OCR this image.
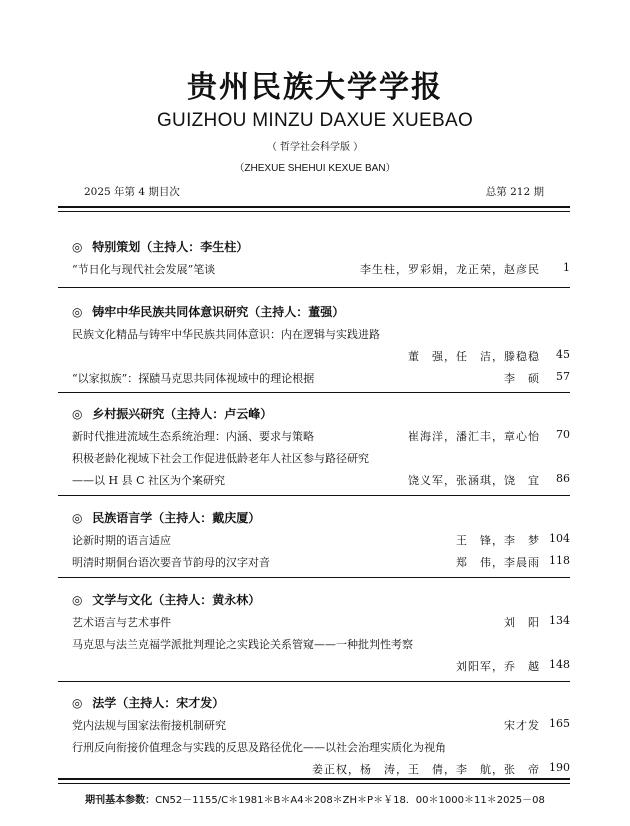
贵州民族大学学报
GUIZHOU MINZU DAXUE XUEBAO
（ 哲学社会科学版 ）
（ZHEXUE SHEHUI KEXUE BAN）
2025 年第 4 期目次	总第 212 期
◎ 特别策划（主持人：李生柱）
“节日化与现代社会发展”笔谈	李生柱，罗彩娟，龙正荣，赵彦民	1
◎ 铸牢中华民族共同体意识研究（主持人：董强）
民族文化精品与铸牢中华民族共同体意识：内在逻辑与实践进路
董　强，任　洁，滕稳稳	45
“以家拟族”：探赜马克思共同体视域中的理论根据	李　硕	57
◎ 乡村振兴研究（主持人：卢云峰）
新时代推进流域生态系统治理：内涵、要求与策略	崔海洋，潘汇丰，章心怡	70
积极老龄化视域下社会工作促进低龄老年人社区参与路径研究
——以 H 县 C 社区为个案研究	饶义军，张涵琪，饶　宜	86
◎ 民族语言学（主持人：戴庆厦）
论新时期的语言适应	王　锋，李　梦 104
明清时期侗台语次要音节韵母的汉字对音	郑　伟，李晨雨 118
◎ 文学与文化（主持人：黄永林）
艺术语言与艺术事件	刘　阳 134
马克思与法兰克福学派批判理论之实践论关系管窥——一种批判性考察
刘阳军，乔　越 148
◎ 法学（主持人：宋才发）
党内法规与国家法衔接机制研究	宋才发 165
行刑反向衔接价值理念与实践的反思及路径优化——以社会治理实质化为视角
姜正权，杨　涛，王　倩，李　航，张　帝 190
期刊基本参数：CN52－1155/C＊1981＊B＊A4＊208＊ZH＊P＊￥18．00＊1000＊11＊2025－08
